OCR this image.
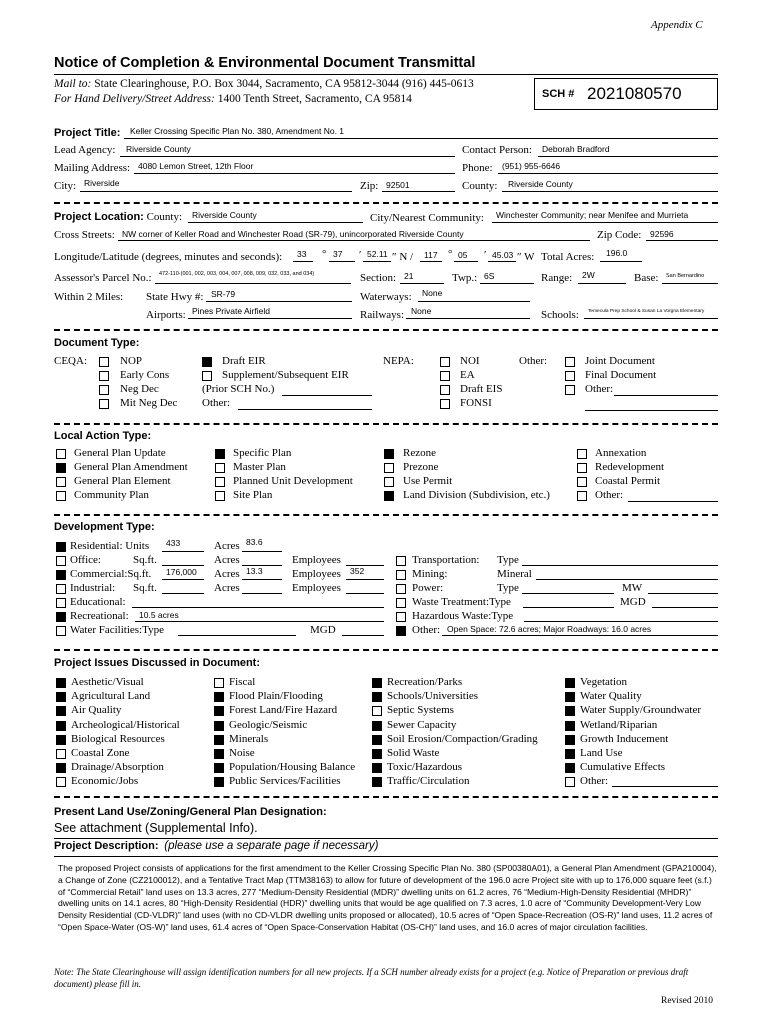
Appendix C
Notice of Completion & Environmental Document Transmittal
Mail to: State Clearinghouse, P.O. Box 3044, Sacramento, CA 95812-3044 (916) 445-0613
For Hand Delivery/Street Address: 1400 Tenth Street, Sacramento, CA 95814	SCH # 2021080570
Project Title: Keller Crossing Specific Plan No. 380, Amendment No. 1
Lead Agency: Riverside County	Contact Person: Deborah Bradford
Mailing Address: 4080 Lemon Street, 12th Floor	Phone: (951) 955-6646
City: Riverside	Zip: 92501	County: Riverside County
Project Location: County: Riverside County	City/Nearest Community: Winchester Community; near Menifee and Murrieta
Cross Streets: NW corner of Keller Road and Winchester Road (SR-79), unincorporated Riverside County	Zip Code: 92596
Longitude/Latitude (degrees, minutes and seconds): 33 ° 37 ′ 52.11 ″ N / 117 ° 05 ′ 45.03 ″ W Total Acres: 196.0
Assessor's Parcel No.: 472-110-(001, 002, 003, 004, 007, 008, 009, 032, 033, and 034)	Section: 21	Twp.: 6S	Range: 2W	Base: San Bernardino
Within 2 Miles: State Hwy #: SR-79	Waterways: None
Airports: Pines Private Airfield	Railways: None	Schools: Temecula Prep School & Susan La Vorgna Elementary
Document Type:
CEQA:	NOP
Early Cons
Neg Dec
Mit Neg Dec
Draft EIR
Supplement/Subsequent EIR
(Prior SCH No.)
Other:
NEPA:	NOI
EA
Draft EIS
FONSI
Other:	Joint Document
Final Document
Other:
Local Action Type:
General Plan Update
General Plan Amendment
General Plan Element
Community Plan
Specific Plan
Master Plan
Planned Unit Development
Site Plan
Rezone
Prezone
Use Permit
Land Division (Subdivision, etc.)
Annexation
Redevelopment
Coastal Permit
Other:
Development Type:
Residential: Units 433	Acres 83.6
Office:	Sq.ft.	Acres	Employees
Commercial:Sq.ft. 176,000 Acres 13.3	Employees 352
Industrial: Sq.ft.	Acres	Employees
Educational:
Recreational: 10.5 acres
Water Facilities:Type	MGD
Transportation: Type
Mining:	Mineral
Power:	Type	MW
Waste Treatment:Type	MGD
Hazardous Waste:Type
Other: Open Space: 72.6 acres; Major Roadways: 16.0 acres
Project Issues Discussed in Document:
Aesthetic/Visual
Agricultural Land
Air Quality
Archeological/Historical
Biological Resources
Coastal Zone
Drainage/Absorption
Economic/Jobs
Fiscal
Flood Plain/Flooding
Forest Land/Fire Hazard
Geologic/Seismic
Minerals
Noise
Population/Housing Balance
Public Services/Facilities
Recreation/Parks
Schools/Universities
Septic Systems
Sewer Capacity
Soil Erosion/Compaction/Grading
Solid Waste
Toxic/Hazardous
Traffic/Circulation
Vegetation
Water Quality
Water Supply/Groundwater
Wetland/Riparian
Growth Inducement
Land Use
Cumulative Effects
Other:
Present Land Use/Zoning/General Plan Designation:
See attachment (Supplemental Info).
Project Description: (please use a separate page if necessary)
The proposed Project consists of applications for the first amendment to the Keller Crossing Specific Plan No. 380 (SP00380A01), a General Plan Amendment (GPA210004), a Change of Zone (CZ2100012), and a Tentative Tract Map (TTM38163) to allow for future of development of the 196.0 acre Project site with up to 176,000 square feet (s.f.) of “Commercial Retail” land uses on 13.3 acres, 277 “Medium-Density Residential (MDR)” dwelling units on 61.2 acres, 76 “Medium-High-Density Residential (MHDR)” dwelling units on 14.1 acres, 80 “High-Density Residential (HDR)” dwelling units that would be age qualified on 7.3 acres, 1.0 acre of “Community Development-Very Low Density Residential (CD-VLDR)” land uses (with no CD-VLDR dwelling units proposed or allocated), 10.5 acres of “Open Space-Recreation (OS-R)” land uses, 11.2 acres of “Open Space-Water (OS-W)” land uses, 61.4 acres of “Open Space-Conservation Habitat (OS-CH)” land uses, and 16.0 acres of major circulation facilities.
Note: The State Clearinghouse will assign identification numbers for all new projects. If a SCH number already exists for a project (e.g. Notice of Preparation or previous draft document) please fill in.
Revised 2010
